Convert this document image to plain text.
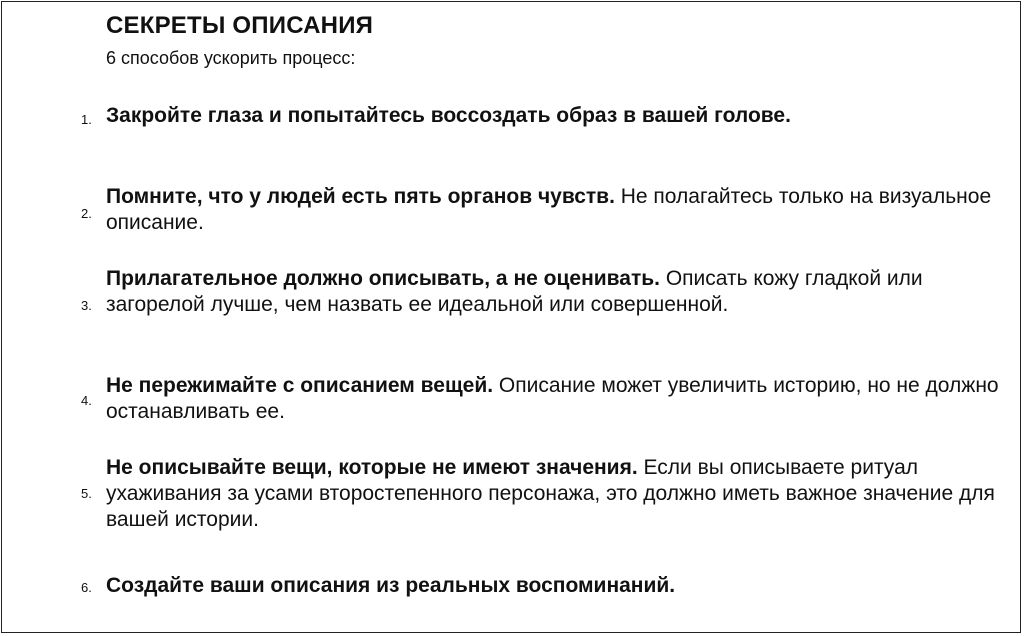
СЕКРЕТЫ ОПИСАНИЯ
6 способов ускорить процесс:
1. Закройте глаза и попытайтесь воссоздать образ в вашей голове.
2.
Помните, что у людей есть пять органов чувств. Не полагайтесь только на визуальное описание.
3.
Прилагательное должно описывать, а не оценивать. Описать кожу гладкой или загорелой лучше, чем назвать ее идеальной или совершенной.
4.
Не пережимайте с описанием вещей. Описание может увеличить историю, но не должно останавливать ее.
5.
Не описывайте вещи, которые не имеют значения. Если вы описываете ритуал ухаживания за усами второстепенного персонажа, это должно иметь важное значение для вашей истории.
6. Создайте ваши описания из реальных воспоминаний.
